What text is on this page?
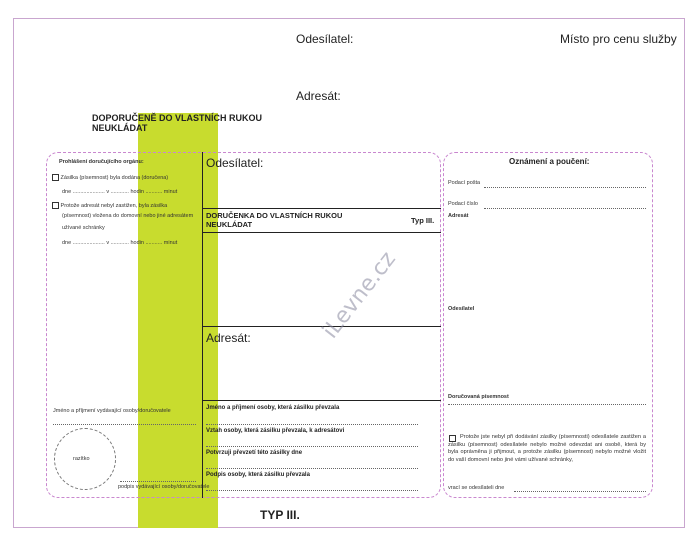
Odesílatel:	Místo pro cenu služby
Adresát:
DOPORUČENĚ DO VLASTNÍCH RUKOU
NEUKLÁDAT
Prohlášení doručujícího orgánu:
Zásilka (písemnost) byla dodána (doručena)
dne ..................... v ............ hodin ........... minut
Protože adresát nebyl zastižen, byla zásilka
(písemnost) vložena do domovní nebo jiné adresátem
užívané schránky
dne ..................... v ............ hodin ........... minut
Jméno a příjmení vydávající osoby/doručovatele
razítko
podpis vydávající osoby/doručovatele
Odesílatel:
DORUČENKA DO VLASTNÍCH RUKOU
NEUKLÁDAT	Typ III.
Adresát:
Jméno a příjmení osoby, která zásilku převzala
Vztah osoby, která zásilku převzala, k adresátovi
Potvrzuji převzetí této zásilky dne
Podpis osoby, která zásilku převzala
Oznámení a poučení:
Podací pošta
Podací číslo
Adresát
Odesílatel
Doručovaná písemnost
Protože jste nebyl při dodávání zásilky (písemnosti) odesílatele zastižen a zásilku (písemnost) odesílatele nebylo možné odevzdat ani osobě, která by byla oprávněna ji přijmout, a protože zásilku (písemnost) nebylo možné vložit do vaší domovní nebo jiné vámi užívané schránky,
vrací se odesílateli dne
TYP III.
iLevne.cz
